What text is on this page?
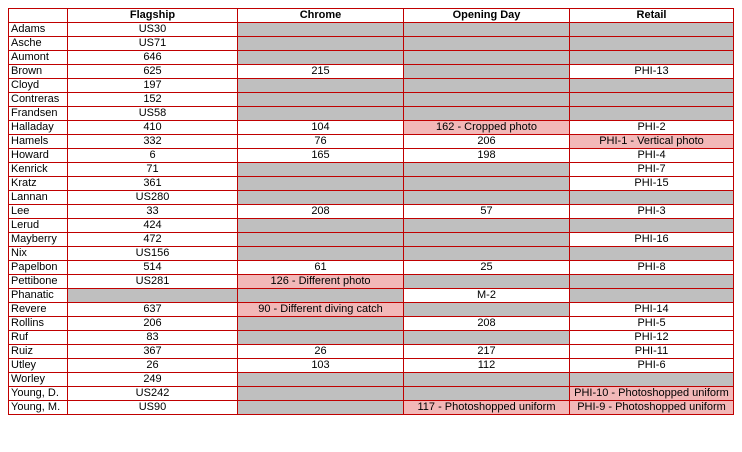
	Flagship	Chrome	Opening Day	Retail
Adams	US30			
Asche	US71			
Aumont	646			
Brown	625	215		PHI-13
Cloyd	197			
Contreras	152			
Frandsen	US58			
Halladay	410	104	162 - Cropped photo	PHI-2
Hamels	332	76	206	PHI-1 - Vertical photo
Howard	6	165	198	PHI-4
Kenrick	71			PHI-7
Kratz	361			PHI-15
Lannan	US280			
Lee	33	208	57	PHI-3
Lerud	424			
Mayberry	472			PHI-16
Nix	US156			
Papelbon	514	61	25	PHI-8
Pettibone	US281	126 - Different photo		
Phanatic			M-2	
Revere	637	90 - Different diving catch		PHI-14
Rollins	206		208	PHI-5
Ruf	83			PHI-12
Ruiz	367	26	217	PHI-11
Utley	26	103	112	PHI-6
Worley	249			
Young, D.	US242			PHI-10 - Photoshopped uniform
Young, M.	US90		117 - Photoshopped uniform	PHI-9 - Photoshopped uniform
